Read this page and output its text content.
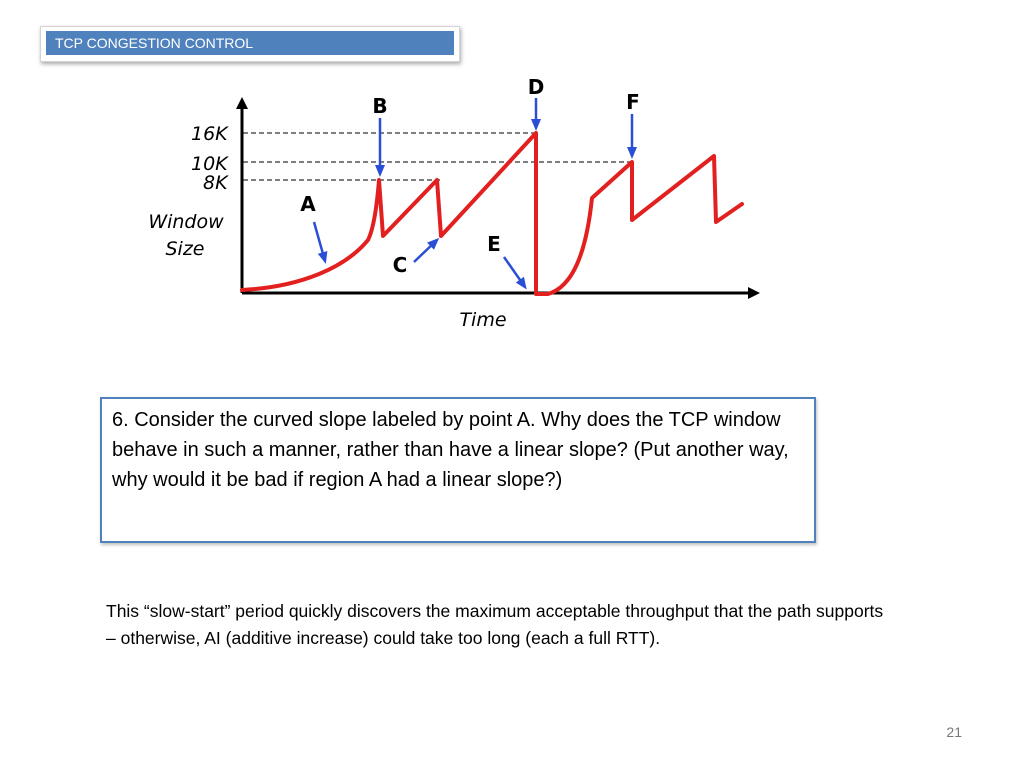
TCP CONGESTION CONTROL
16K
10K
8K
Window
Size
Time
A
B
C
D
E
F
6. Consider the curved slope labeled by point A. Why does the TCP window behave in such a manner, rather than have a linear slope? (Put another way, why would it be bad if region A had a linear slope?)
This “slow-start” period quickly discovers the maximum acceptable throughput that the path supports – otherwise, AI (additive increase) could take too long (each a full RTT).
21
